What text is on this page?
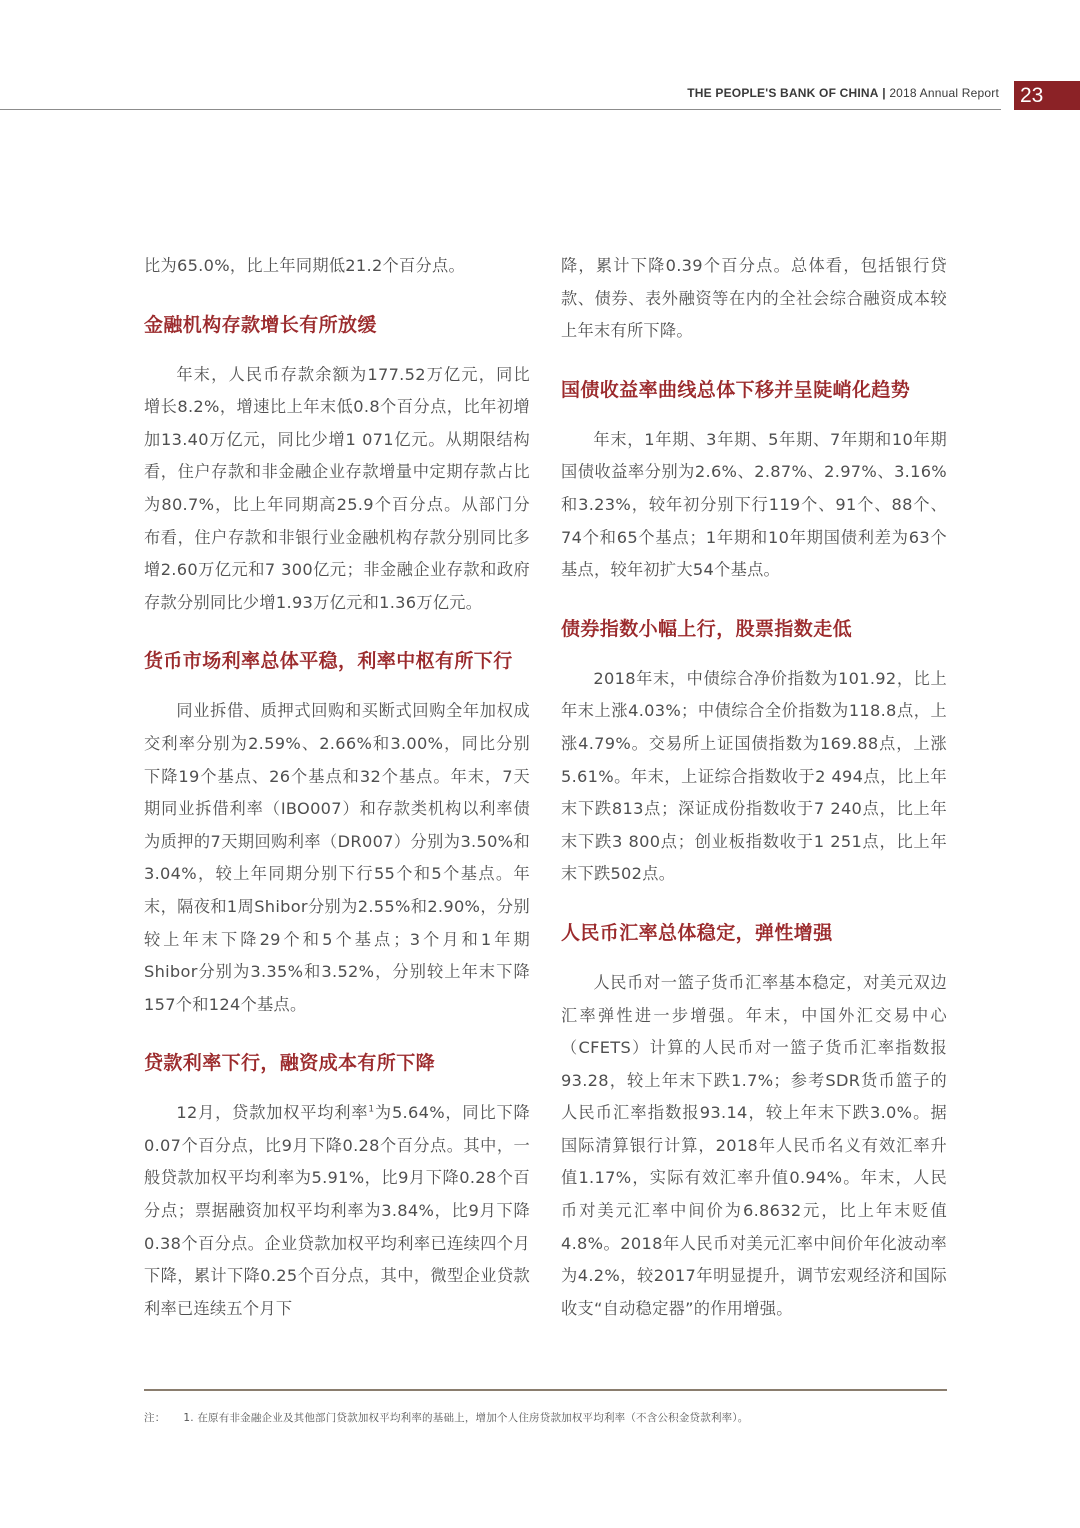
THE PEOPLE'S BANK OF CHINA | 2018 Annual Report 23

比为65.0%，比上年同期低21.2个百分点。

金融机构存款增长有所放缓

年末，人民币存款余额为177.52万亿元，同比增长8.2%，增速比上年末低0.8个百分点，比年初增加13.40万亿元，同比少增1 071亿元。从期限结构看，住户存款和非金融企业存款增量中定期存款占比为80.7%，比上年同期高25.9个百分点。从部门分布看，住户存款和非银行业金融机构存款分别同比多增2.60万亿元和7 300亿元；非金融企业存款和政府存款分别同比少增1.93万亿元和1.36万亿元。

货币市场利率总体平稳，利率中枢有所下行

同业拆借、质押式回购和买断式回购全年加权成交利率分别为2.59%、2.66%和3.00%，同比分别下降19个基点、26个基点和32个基点。年末，7天期同业拆借利率（IBO007）和存款类机构以利率债为质押的7天期回购利率（DR007）分别为3.50%和3.04%，较上年同期分别下行55个和5个基点。年末，隔夜和1周Shibor分别为2.55%和2.90%，分别较上年末下降29个和5个基点；3个月和1年期Shibor分别为3.35%和3.52%，分别较上年末下降157个和124个基点。

贷款利率下行，融资成本有所下降

12月，贷款加权平均利率$^1$为5.64%，同比下降0.07个百分点，比9月下降0.28个百分点。其中，一般贷款加权平均利率为5.91%，比9月下降0.28个百分点；票据融资加权平均利率为3.84%，比9月下降0.38个百分点。企业贷款加权平均利率已连续四个月下降，累计下降0.25个百分点，其中，微型企业贷款利率已连续五个月下

降，累计下降0.39个百分点。总体看，包括银行贷款、债券、表外融资等在内的全社会综合融资成本较上年末有所下降。

国债收益率曲线总体下移并呈陡峭化趋势

年末，1年期、3年期、5年期、7年期和10年期国债收益率分别为2.6%、2.87%、2.97%、3.16%和3.23%，较年初分别下行119个、91个、88个、74个和65个基点；1年期和10年期国债利差为63个基点，较年初扩大54个基点。

债券指数小幅上行，股票指数走低

2018年末，中债综合净价指数为101.92，比上年末上涨4.03%；中债综合全价指数为118.8点，上涨4.79%。交易所上证国债指数为169.88点，上涨5.61%。年末，上证综合指数收于2 494点，比上年末下跌813点；深证成份指数收于7 240点，比上年末下跌3 800点；创业板指数收于1 251点，比上年末下跌502点。

人民币汇率总体稳定，弹性增强

人民币对一篮子货币汇率基本稳定，对美元双边汇率弹性进一步增强。年末，中国外汇交易中心（CFETS）计算的人民币对一篮子货币汇率指数报93.28，较上年末下跌1.7%；参考SDR货币篮子的人民币汇率指数报93.14，较上年末下跌3.0%。据国际清算银行计算，2018年人民币名义有效汇率升值1.17%，实际有效汇率升值0.94%。年末，人民币对美元汇率中间价为6.8632元，比上年末贬值4.8%。2018年人民币对美元汇率中间价年化波动率为4.2%，较2017年明显提升，调节宏观经济和国际收支“自动稳定器”的作用增强。

注： 1. 在原有非金融企业及其他部门贷款加权平均利率的基础上，增加个人住房贷款加权平均利率（不含公积金贷款利率）。
